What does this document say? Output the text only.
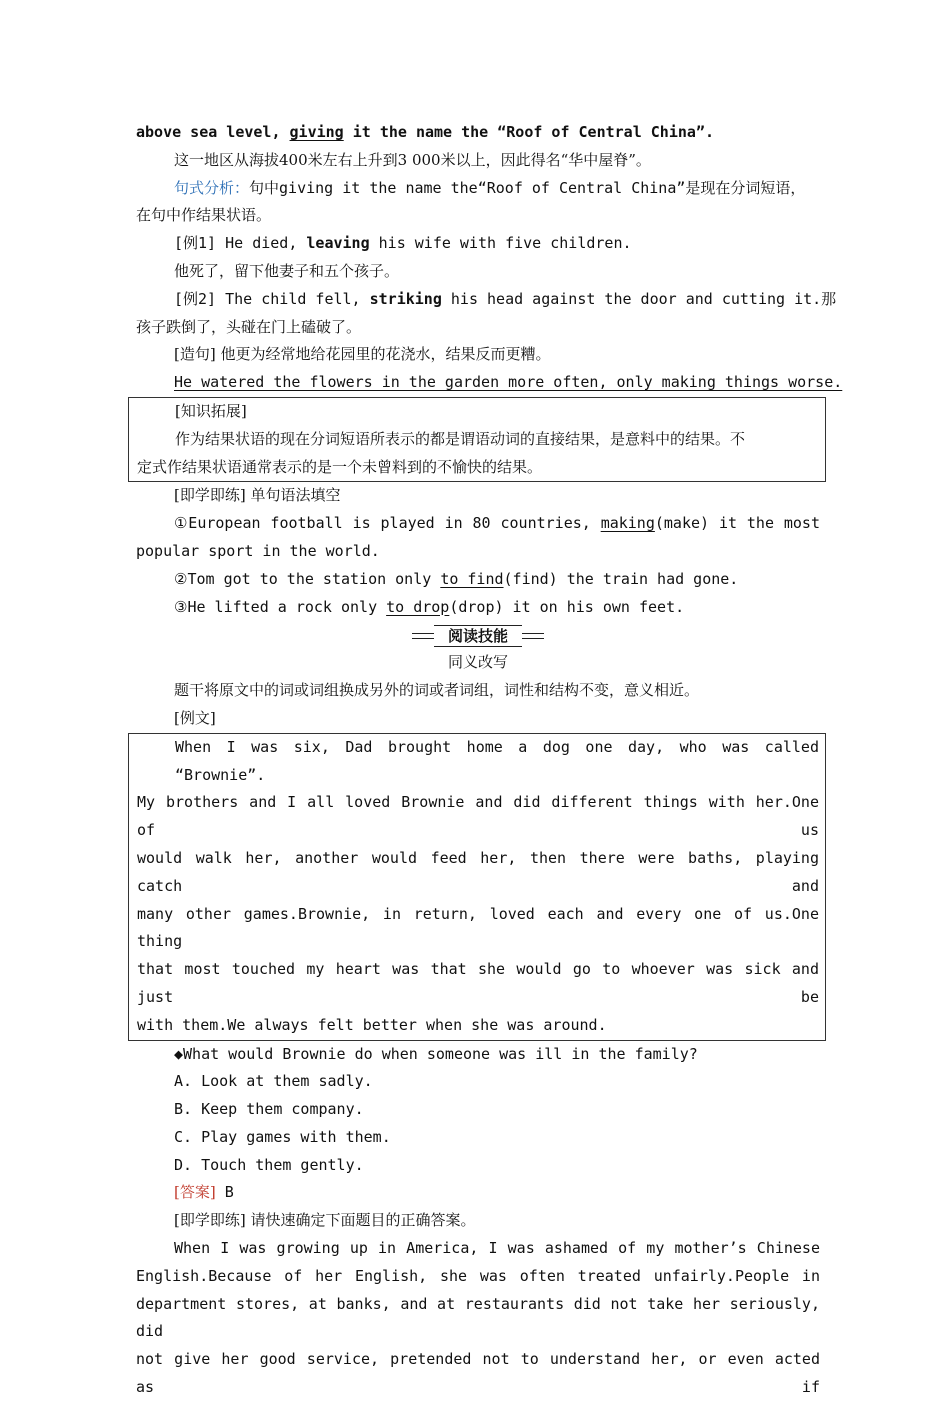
above sea level, giving it the name the “Roof of Central China”.
这一地区从海拔400米左右上升到3 000米以上，因此得名“华中屋脊”。
句式分析：句中giving it the name the“Roof of Central China”是现在分词短语，
在句中作结果状语。
[例1] He died, leaving his wife with five children.
他死了，留下他妻子和五个孩子。
[例2] The child fell, striking his head against the door and cutting it.那
孩子跌倒了，头碰在门上磕破了。
[造句] 他更为经常地给花园里的花浇水，结果反而更糟。
He watered the flowers in the garden more often, only making things worse.
[知识拓展]
作为结果状语的现在分词短语所表示的都是谓语动词的直接结果，是意料中的结果。不
定式作结果状语通常表示的是一个未曾料到的不愉快的结果。
[即学即练] 单句语法填空
①European football is played in 80 countries, making(make) it the most
popular sport in the world.
②Tom got to the station only to find(find) the train had gone.
③He lifted a rock only to drop(drop) it on his own feet.
阅读技能
同义改写
题干将原文中的词或词组换成另外的词或者词组，词性和结构不变，意义相近。
[例文]
When I was six, Dad brought home a dog one day, who was called “Brownie”.
My brothers and I all loved Brownie and did different things with her.One of us
would walk her, another would feed her, then there were baths, playing catch and
many other games.Brownie, in return, loved each and every one of us.One thing
that most touched my heart was that she would go to whoever was sick and just be
with them.We always felt better when she was around.
◆What would Brownie do when someone was ill in the family?
A. Look at them sadly.
B. Keep them company.
C. Play games with them.
D. Touch them gently.
[答案] B
[即学即练] 请快速确定下面题目的正确答案。
When I was growing up in America, I was ashamed of my mother’s Chinese
English.Because of her English, she was often treated unfairly.People in
department stores, at banks, and at restaurants did not take her seriously, did
not give her good service, pretended not to understand her, or even acted as if
